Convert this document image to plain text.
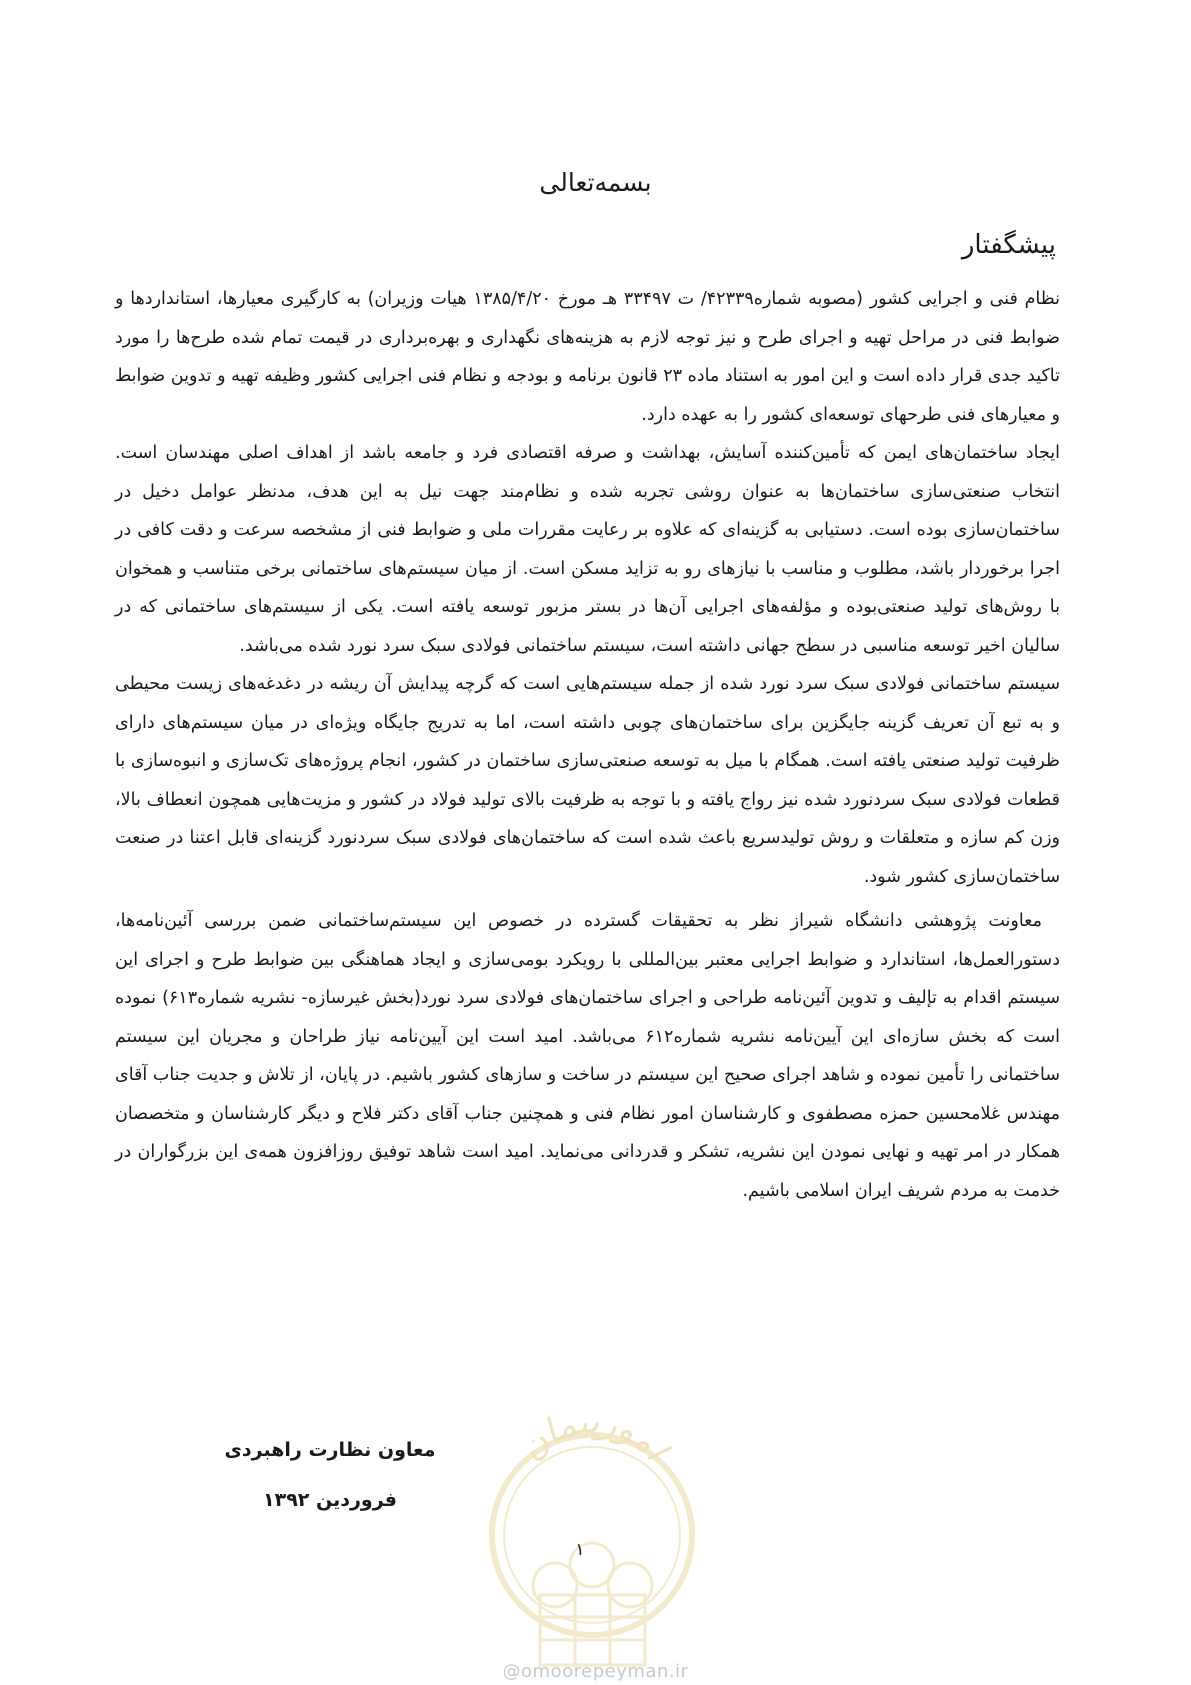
بسمه‌تعالی
پیشگفتار

نظام فنی و اجرایی کشور (مصوبه شماره۴۲۳۳۹/ ت ۳۳۴۹۷ هـ مورخ ۱۳۸۵/۴/۲۰ هیات وزیران) به کارگیری معیارها، استانداردها و ضوابط فنی در مراحل تهیه و اجرای طرح و نیز توجه لازم به هزینه‌های نگهداری و بهره‌برداری در قیمت تمام شده طرح‌ها را مورد تاکید جدی قرار داده است و این امور به استناد ماده ۲۳ قانون برنامه و بودجه و نظام فنی اجرایی کشور وظیفه تهیه و تدوین ضوابط و معیارهای فنی طرحهای توسعه‌ای کشور را به عهده دارد.

ایجاد ساختمان‌های ایمن که تأمین‌کننده آسایش، بهداشت و صرفه اقتصادی فرد و جامعه باشد از اهداف اصلی مهندسان است. انتخاب صنعتی‌سازی ساختمان‌ها به عنوان روشی تجربه شده و نظام‌مند جهت نیل به این هدف، مدنظر عوامل دخیل در ساختمان‌سازی بوده است. دستیابی به گزینه‌ای که علاوه بر رعایت مقررات ملی و ضوابط فنی از مشخصه سرعت و دقت کافی در اجرا برخوردار باشد، مطلوب و مناسب با نیازهای رو به تزاید مسکن است. از میان سیستم‌های ساختمانی برخی متناسب و همخوان با روش‌های تولید صنعتی‌بوده و مؤلفه‌های اجرایی آن‌ها در بستر مزبور توسعه یافته است. یکی از سیستم‌های ساختمانی که در سالیان اخیر توسعه مناسبی در سطح جهانی داشته است، سیستم ساختمانی فولادی سبک سرد نورد شده می‌باشد.

سیستم ساختمانی فولادی سبک سرد نورد شده از جمله سیستم‌هایی است که گرچه پیدایش آن ریشه در دغدغه‌های زیست محیطی و به تبع آن تعریف گزینه جایگزین برای ساختمان‌های چوبی داشته است، اما به تدریج جایگاه ویژه‌ای در میان سیستم‌های دارای ظرفیت تولید صنعتی یافته است. همگام با میل به توسعه صنعتی‌سازی ساختمان در کشور، انجام پروژه‌های تک‌سازی و انبوه‌سازی با قطعات فولادی سبک سردنورد شده نیز رواج یافته و با توجه به ظرفیت بالای تولید فولاد در کشور و مزیت‌هایی همچون انعطاف بالا، وزن کم سازه و متعلقات و روش تولیدسریع باعث شده است که ساختمان‌های فولادی سبک سردنورد گزینه‌ای قابل اعتنا در صنعت ساختمان‌سازی کشور شود.

معاونت پژوهشی دانشگاه شیراز نظر به تحقیقات گسترده در خصوص این سیستم‌ساختمانی ضمن بررسی آئین‌نامه‌ها، دستورالعمل‌ها، استاندارد و ضوابط اجرایی معتبر بین‌المللی با رویکرد بومی‌سازی و ایجاد هماهنگی بین ضوابط طرح و اجرای این سیستم اقدام به تإلیف و تدوین آئین‌نامه طراحی و اجرای ساختمان‌های فولادی سرد نورد(بخش غیرسازه- نشریه شماره۶۱۳) نموده است که بخش سازه‌ای این آیین‌نامه نشریه شماره۶۱۲ می‌باشد. امید است این آیین‌نامه نیاز طراحان و مجریان این سیستم ساختمانی را تأمین نموده و شاهد اجرای صحیح این سیستم در ساخت و سازهای کشور باشیم. در پایان، از تلاش و جدیت جناب آقای مهندس غلامحسین حمزه مصطفوی و کارشناسان امور نظام فنی و همچنین جناب آقای دکتر فلاح و دیگر کارشناسان و متخصصان همکار در امر تهیه و نهایی نمودن این نشریه، تشکر و قدردانی می‌نماید. امید است شاهد توفیق روزافزون همه‌ی این بزرگواران در خدمت به مردم شریف ایران اسلامی باشیم.

معاون نظارت راهبردی
فروردین ۱۳۹۲
امورپیمان
۱
@omoorepeyman.ir
